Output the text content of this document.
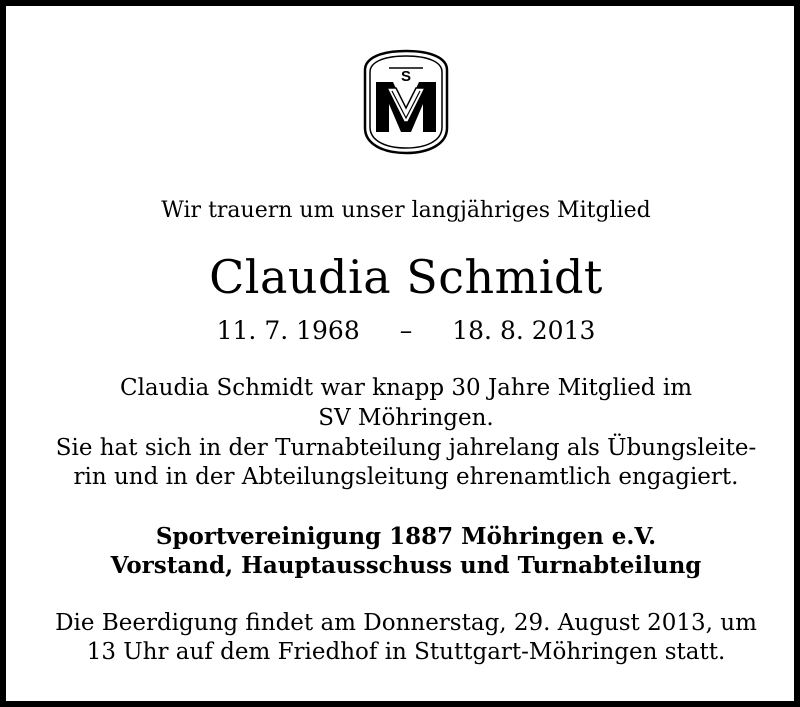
S
Wir trauern um unser langjähriges Mitglied
Claudia Schmidt
11. 7. 1968 – 18. 8. 2013
Claudia Schmidt war knapp 30 Jahre Mitglied im
SV Möhringen.
Sie hat sich in der Turnabteilung jahrelang als Übungsleite-
rin und in der Abteilungsleitung ehrenamtlich engagiert.
Sportvereinigung 1887 Möhringen e.V.
Vorstand, Hauptausschuss und Turnabteilung
Die Beerdigung findet am Donnerstag, 29. August 2013, um
13 Uhr auf dem Friedhof in Stuttgart-Möhringen statt.
